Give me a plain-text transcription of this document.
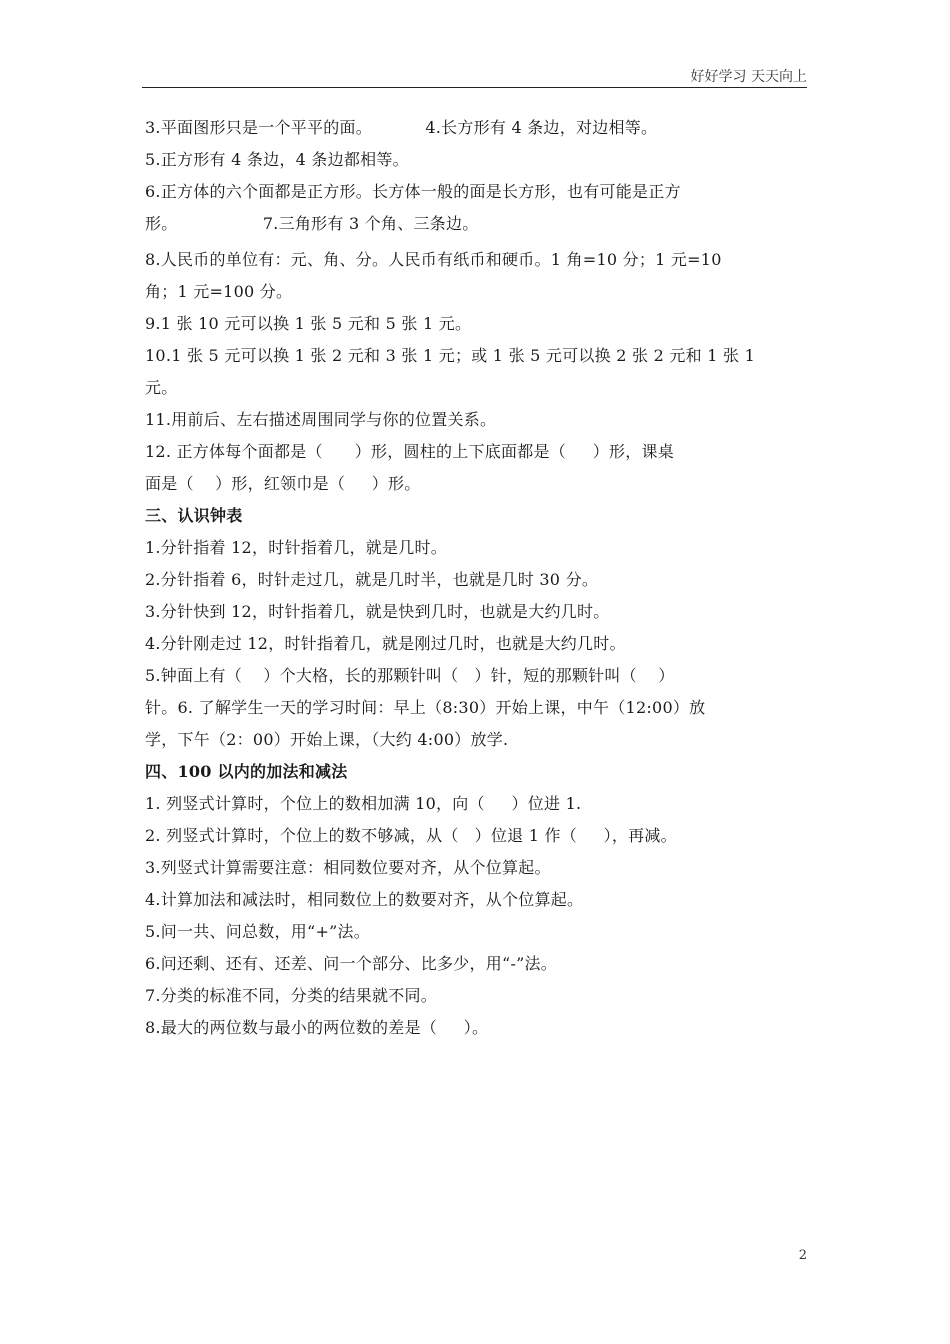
好好学习 天天向上
3.平面图形只是一个平平的面。          4.长方形有 4 条边，对边相等。
5.正方形有 4 条边，4 条边都相等。
6.正方体的六个面都是正方形。长方体一般的面是长方形，也有可能是正方
形。                7.三角形有 3 个角、三条边。
8.人民币的单位有：元、角、分。人民币有纸币和硬币。1 角=10 分；1 元=10
角；1 元=100 分。
9.1 张 10 元可以换 1 张 5 元和 5 张 1 元。
10.1 张 5 元可以换 1 张 2 元和 3 张 1 元；或 1 张 5 元可以换 2 张 2 元和 1 张 1
元。
11.用前后、左右描述周围同学与你的位置关系。
12. 正方体每个面都是（      ）形，圆柱的上下底面都是（     ）形，课桌
面是（    ）形，红领巾是（     ）形。
三、认识钟表
1.分针指着 12，时针指着几，就是几时。
2.分针指着 6，时针走过几，就是几时半，也就是几时 30 分。
3.分针快到 12，时针指着几，就是快到几时，也就是大约几时。
4.分针刚走过 12，时针指着几，就是刚过几时，也就是大约几时。
5.钟面上有（    ）个大格，长的那颗针叫（   ）针，短的那颗针叫（    ）
针。6. 了解学生一天的学习时间：早上（8:30）开始上课，中午（12:00）放
学，下午（2：00）开始上课，（大约 4:00）放学.
四、100 以内的加法和减法
1. 列竖式计算时，个位上的数相加满 10，向（     ）位进 1.
2. 列竖式计算时，个位上的数不够减，从（   ）位退 1 作（     ），再减。
3.列竖式计算需要注意：相同数位要对齐，从个位算起。
4.计算加法和减法时，相同数位上的数要对齐，从个位算起。
5.问一共、问总数，用“+”法。
6.问还剩、还有、还差、问一个部分、比多少，用“-”法。
7.分类的标准不同，分类的结果就不同。
8.最大的两位数与最小的两位数的差是（     ）。
2
